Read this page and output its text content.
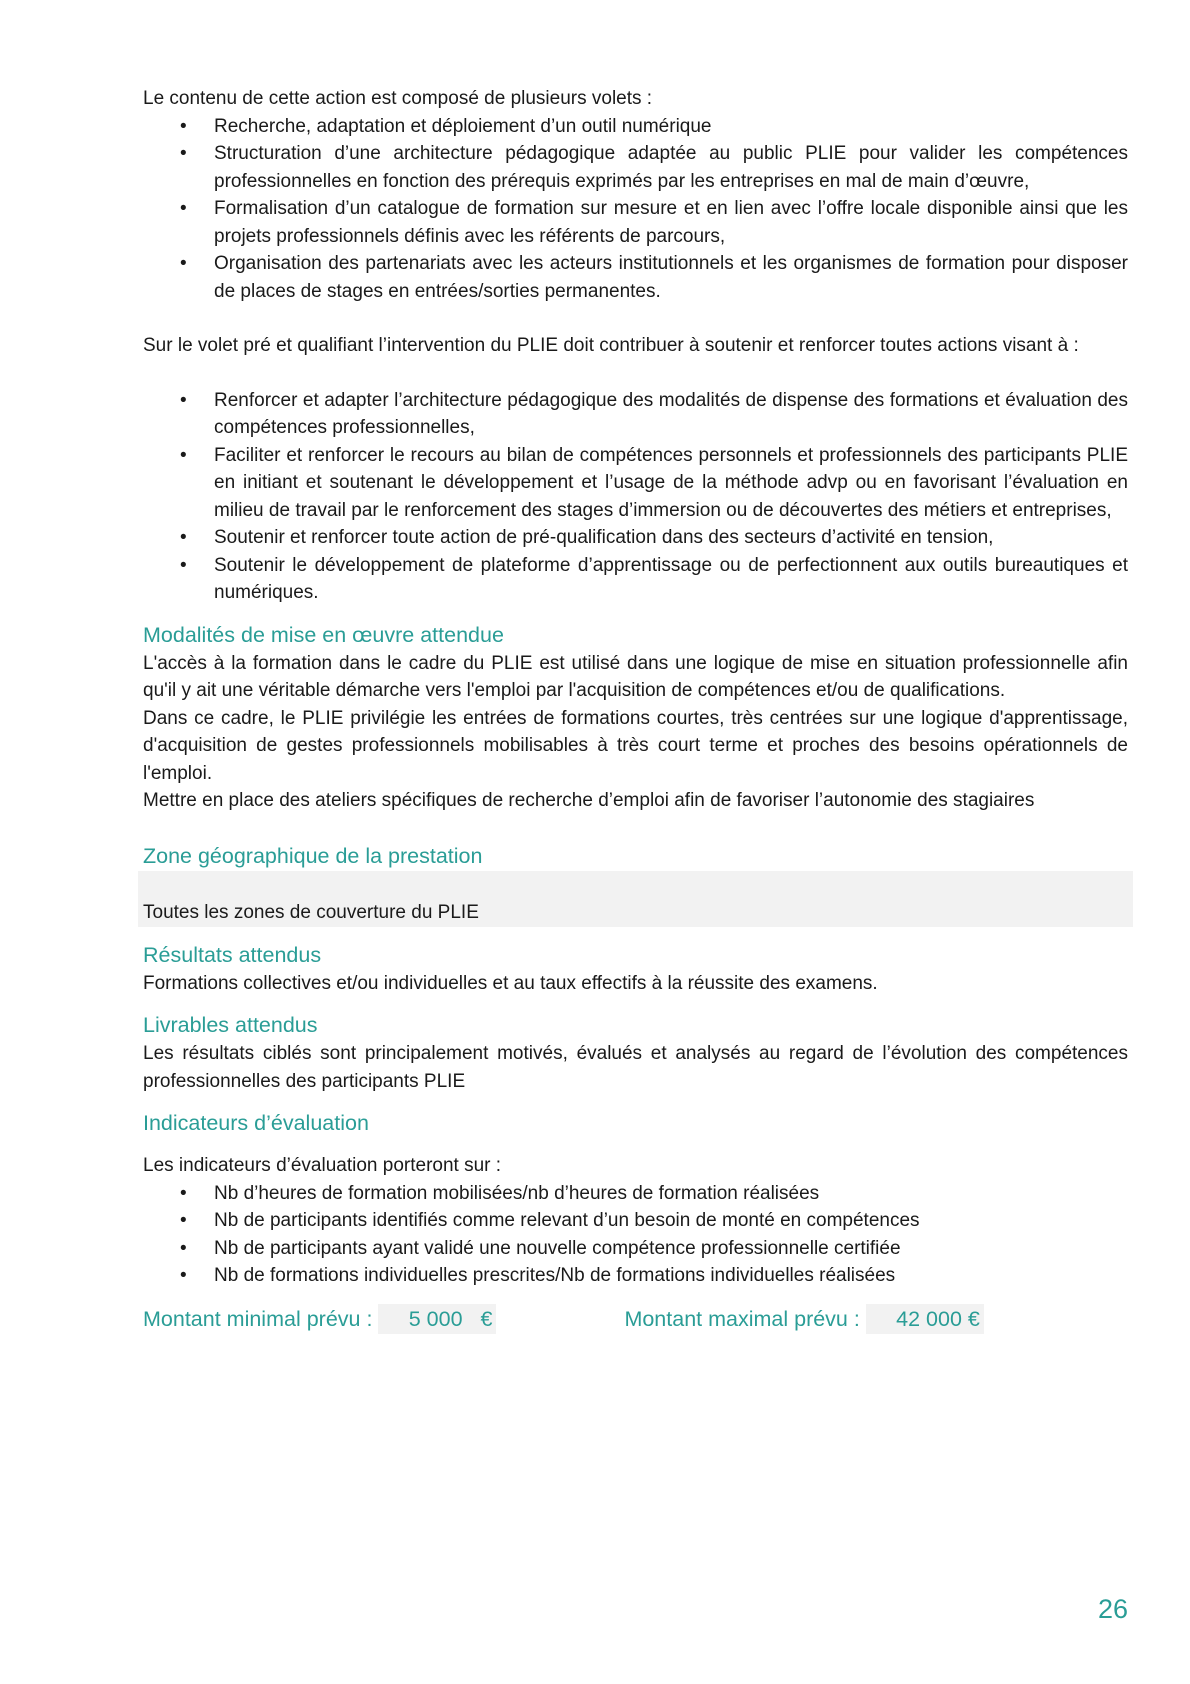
Le contenu de cette action est composé de plusieurs volets :

• Recherche, adaptation et déploiement d’un outil numérique
• Structuration d’une architecture pédagogique adaptée au public PLIE pour valider les compétences professionnelles en fonction des prérequis exprimés par les entreprises en mal de main d’œuvre,
• Formalisation d’un catalogue de formation sur mesure et en lien avec l’offre locale disponible ainsi que les projets professionnels définis avec les référents de parcours,
• Organisation des partenariats avec les acteurs institutionnels et les organismes de formation pour disposer de places de stages en entrées/sorties permanentes.

Sur le volet pré et qualifiant l’intervention du PLIE doit contribuer à soutenir et renforcer toutes actions visant à :

• Renforcer et adapter l’architecture pédagogique des modalités de dispense des formations et évaluation des compétences professionnelles,
• Faciliter et renforcer le recours au bilan de compétences personnels et professionnels des participants PLIE en initiant et soutenant le développement et l’usage de la méthode advp ou en favorisant l’évaluation en milieu de travail par le renforcement des stages d’immersion ou de découvertes des métiers et entreprises,
• Soutenir et renforcer toute action de pré-qualification dans des secteurs d’activité en tension,
• Soutenir le développement de plateforme d’apprentissage ou de perfectionnent aux outils bureautiques et numériques.
Modalités de mise en œuvre attendue

L'accès à la formation dans le cadre du PLIE est utilisé dans une logique de mise en situation professionnelle afin qu'il y ait une véritable démarche vers l'emploi par l'acquisition de compétences et/ou de qualifications.

Dans ce cadre, le PLIE privilégie les entrées de formations courtes, très centrées sur une logique d'apprentissage, d'acquisition de gestes professionnels mobilisables à très court terme et proches des besoins opérationnels de l'emploi.

Mettre en place des ateliers spécifiques de recherche d’emploi afin de favoriser l’autonomie des stagiaires

Zone géographique de la prestation

Toutes les zones de couverture du PLIE

Résultats attendus

Formations collectives et/ou individuelles et au taux effectifs à la réussite des examens.

Livrables attendus

Les résultats ciblés sont principalement motivés, évalués et analysés au regard de l’évolution des compétences professionnelles des participants PLIE

Indicateurs d’évaluation

Les indicateurs d’évaluation porteront sur :

• Nb d’heures de formation mobilisées/nb d’heures de formation réalisées
• Nb de participants identifiés comme relevant d’un besoin de monté en compétences
• Nb de participants ayant validé une nouvelle compétence professionnelle certifiée
• Nb de formations individuelles prescrites/Nb de formations individuelles réalisées
Montant minimal prévu :	5 000   €	Montant maximal prévu :	42 000 €
26
